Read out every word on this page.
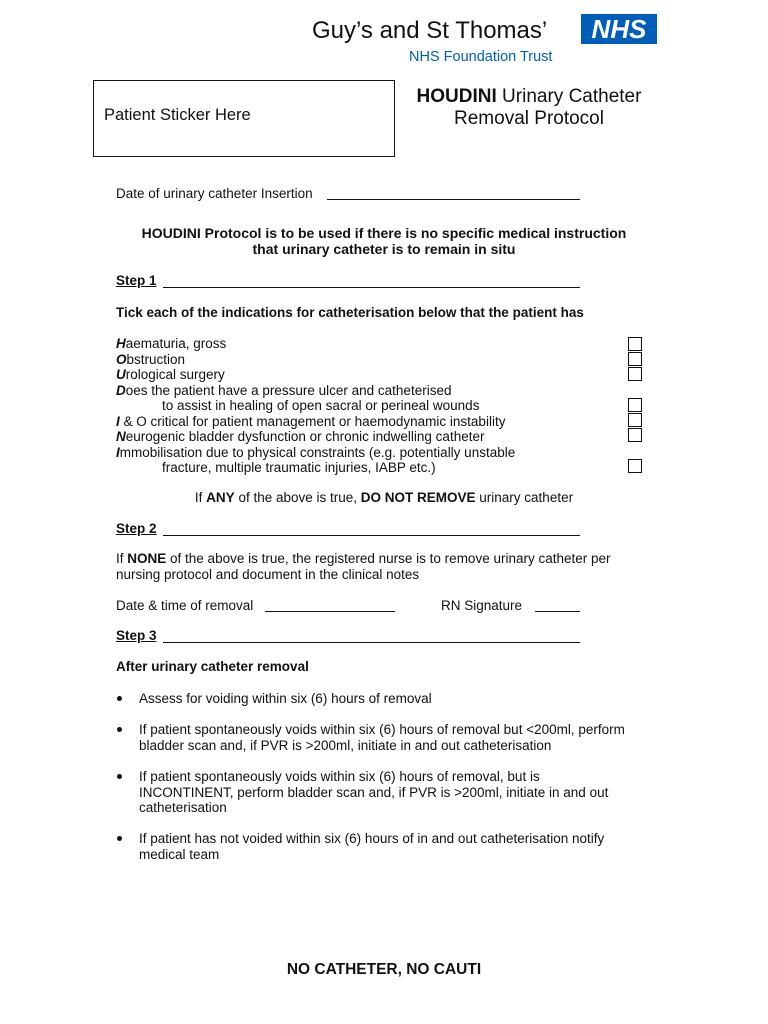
Guy’s and St Thomas’	NHS
NHS Foundation Trust
Patient Sticker Here
HOUDINI Urinary Catheter
Removal Protocol
Date of urinary catheter Insertion
HOUDINI Protocol is to be used if there is no specific medical instruction
that urinary catheter is to remain in situ
Step 1
Tick each of the indications for catheterisation below that the patient has
Haematuria, gross
Obstruction
Urological surgery
Does the patient have a pressure ulcer and catheterised
to assist in healing of open sacral or perineal wounds
I & O critical for patient management or haemodynamic instability
Neurogenic bladder dysfunction or chronic indwelling catheter
Immobilisation due to physical constraints (e.g. potentially unstable
fracture, multiple traumatic injuries, IABP etc.)
If ANY of the above is true, DO NOT REMOVE urinary catheter
Step 2
If NONE of the above is true, the registered nurse is to remove urinary catheter per
nursing protocol and document in the clinical notes
Date & time of removal	RN Signature
Step 3
After urinary catheter removal
Assess for voiding within six (6) hours of removal
If patient spontaneously voids within six (6) hours of removal but <200ml, perform
bladder scan and, if PVR is >200ml, initiate in and out catheterisation
If patient spontaneously voids within six (6) hours of removal, but is
INCONTINENT, perform bladder scan and, if PVR is >200ml, initiate in and out
catheterisation
If patient has not voided within six (6) hours of in and out catheterisation notify
medical team
NO CATHETER, NO CAUTI
